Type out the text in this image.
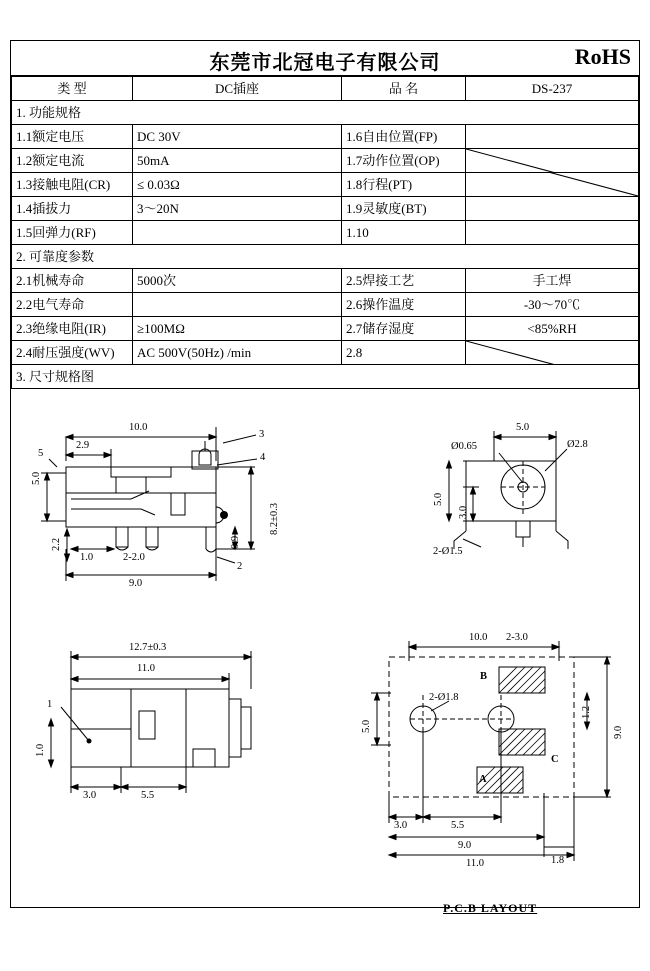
东莞市北冠电子有限公司	RoHS
类 型	DC插座	品 名	DS-237
1. 功能规格			
1.1额定电压	DC 30V	1.6自由位置(FP)	
1.2额定电流	50mA	1.7动作位置(OP)	

1.3接触电阻(CR)	≤ 0.03Ω	1.8行程(PT)	

1.4插拔力	3～20N	1.9灵敏度(BT)	
1.5回弹力(RF)		1.10	
2. 可靠度参数			
2.1机械寿命	5000次	2.5焊接工艺	手工焊
2.2电气寿命		2.6操作温度	-30～70℃
2.3绝缘电阻(IR)	≥100MΩ	2.7储存湿度	<85%RH
2.4耐压强度(WV)	AC 500V(50Hz) /min	2.8	

3. 尺寸规格图			
10.0
2.9
5
5.0
2.2
1.0	2-2.0
9.0
3
4
2
8.2±0.3
0.9
Ø0.65
5.0
Ø2.8
5.0
3.0
2-Ø1.5
12.7±0.3
11.0
1
1.0
3.0	5.5
10.0 2-3.0
1.2
9.0
5.0
2-Ø1.8
3.0	5.5
9.0
11.0	1.8
A
B
C
P.C.B LAYOUT
